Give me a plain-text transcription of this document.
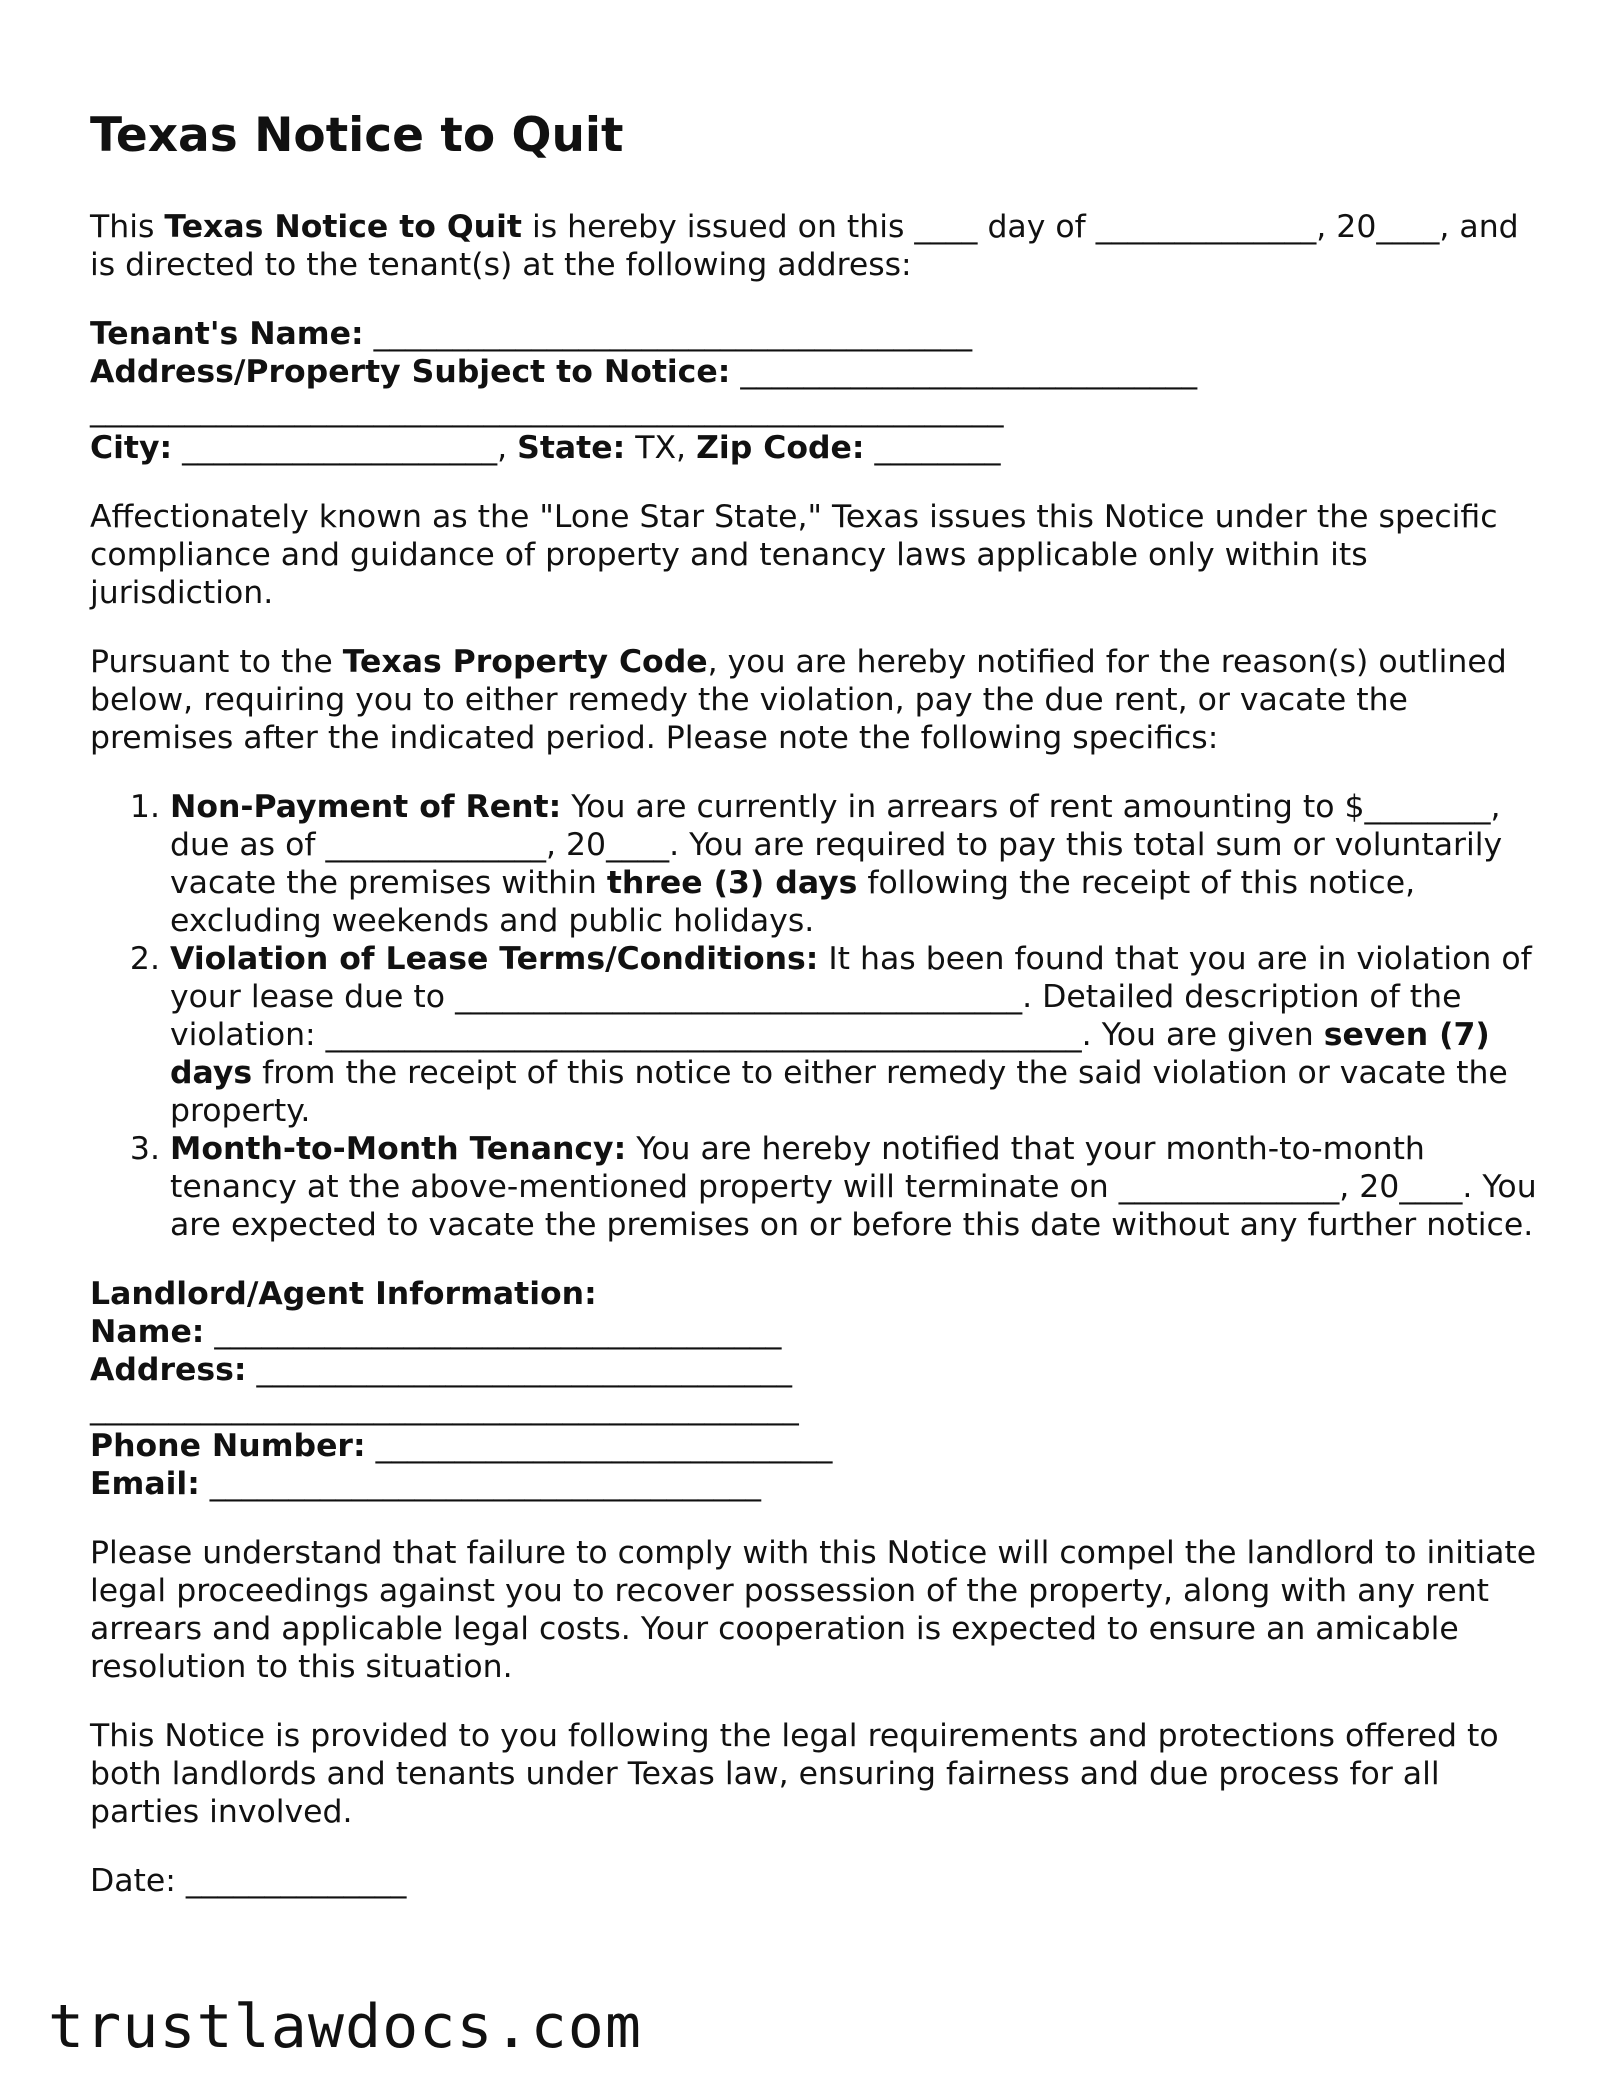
Texas Notice to Quit

This Texas Notice to Quit is hereby issued on this ____ day of ______________, 20____, and is directed to the tenant(s) at the following address:

Tenant's Name: ______________________________________
Address/Property Subject to Notice: _____________________________
__________________________________________________________
City: ____________________, State: TX, Zip Code: ________

Affectionately known as the "Lone Star State," Texas issues this Notice under the specific compliance and guidance of property and tenancy laws applicable only within its jurisdiction.

Pursuant to the Texas Property Code, you are hereby notified for the reason(s) outlined below, requiring you to either remedy the violation, pay the due rent, or vacate the premises after the indicated period. Please note the following specifics:

1. Non-Payment of Rent: You are currently in arrears of rent amounting to $________, due as of ______________, 20____. You are required to pay this total sum or voluntarily vacate the premises within three (3) days following the receipt of this notice, excluding weekends and public holidays.
2. Violation of Lease Terms/Conditions: It has been found that you are in violation of your lease due to ____________________________________. Detailed description of the violation: ________________________________________________. You are given seven (7) days from the receipt of this notice to either remedy the said violation or vacate the property.
3. Month-to-Month Tenancy: You are hereby notified that your month-to-month tenancy at the above-mentioned property will terminate on ______________, 20____. You are expected to vacate the premises on or before this date without any further notice.
Landlord/Agent Information:
Name: ____________________________________
Address: __________________________________
_____________________________________________
Phone Number: _____________________________
Email: ___________________________________

Please understand that failure to comply with this Notice will compel the landlord to initiate legal proceedings against you to recover possession of the property, along with any rent arrears and applicable legal costs. Your cooperation is expected to ensure an amicable resolution to this situation.

This Notice is provided to you following the legal requirements and protections offered to both landlords and tenants under Texas law, ensuring fairness and due process for all parties involved.

Date: ______________

trustlawdocs.com
